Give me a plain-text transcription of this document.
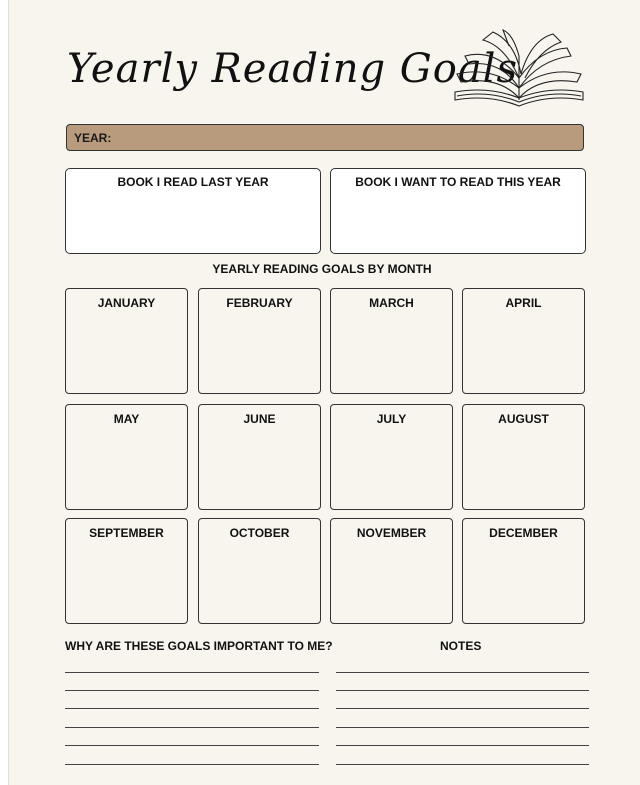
Yearly Reading Goals
YEAR:
BOOK I READ LAST YEAR	BOOK I WANT TO READ THIS YEAR
YEARLY READING GOALS BY MONTH
JANUARY	FEBRUARY	MARCH	APRIL
MAY	JUNE	JULY	AUGUST
SEPTEMBER	OCTOBER	NOVEMBER	DECEMBER
WHY ARE THESE GOALS IMPORTANT TO ME?	NOTES
